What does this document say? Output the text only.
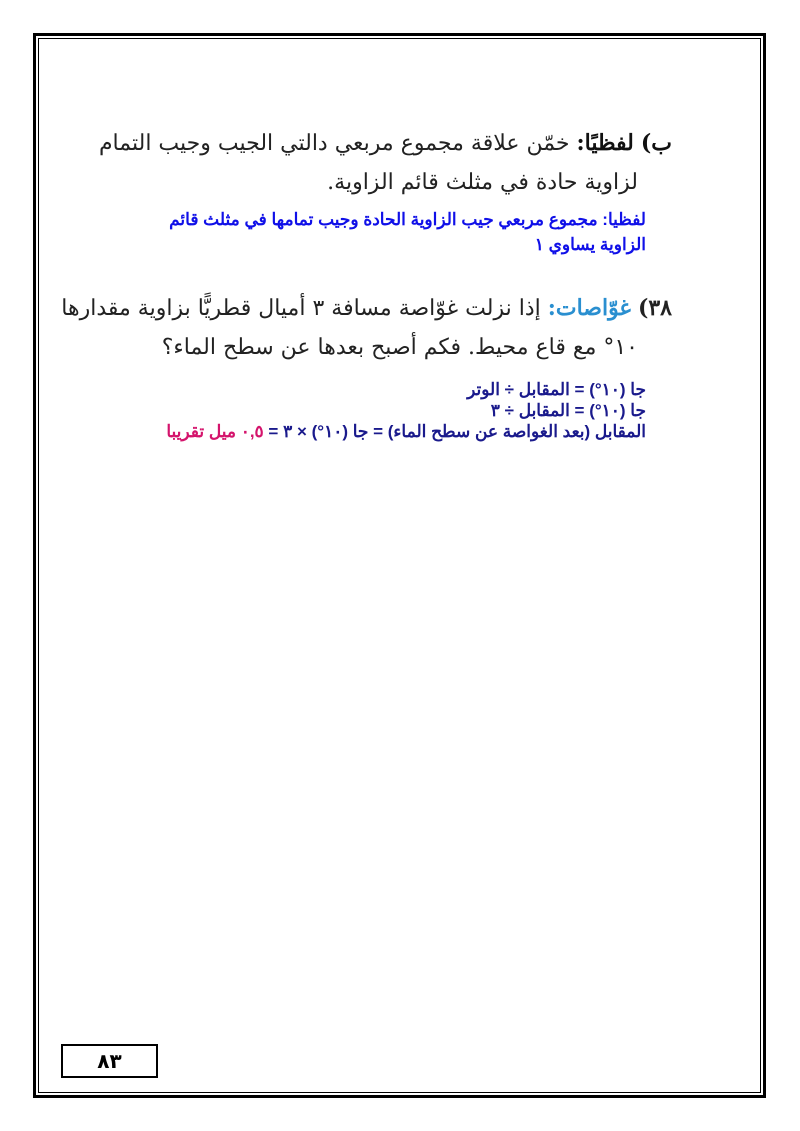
ب) لفظيًا: خمّن علاقة مجموع مربعي دالتي الجيب وجيب التمام
لزاوية حادة في مثلث قائم الزاوية.
لفظيا: مجموع مربعي جيب الزاوية الحادة وجيب تمامها في مثلث قائم
الزاوية يساوي ١
٣٨) غوّاصات: إذا نزلت غوّاصة مسافة ٣ أميال قطريًّا بزاوية مقدارها
١٠° مع قاع محيط. فكم أصبح بعدها عن سطح الماء؟
جا (١٠°) = المقابل ÷ الوتر
جا (١٠°) = المقابل ÷ ٣
المقابل (بعد الغواصة عن سطح الماء) = جا (١٠°) × ٣ = ٠,٥ ميل تقريبا
٨٣
